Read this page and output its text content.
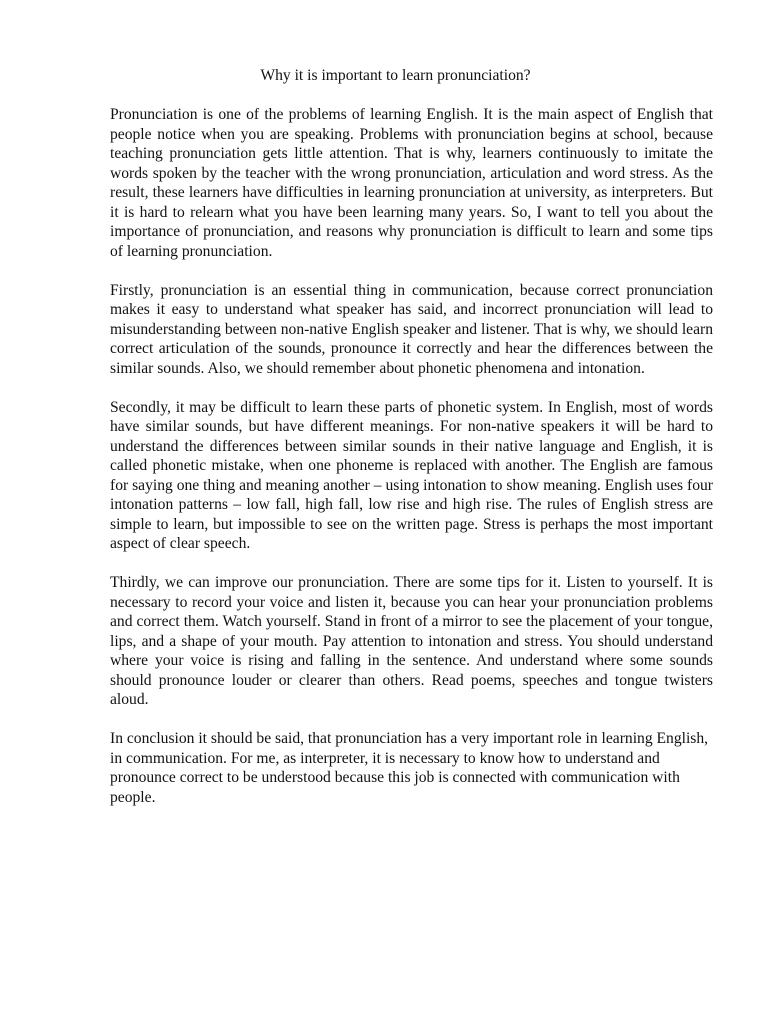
Why it is important to learn pronunciation?

Pronunciation is one of the problems of learning English. It is the main aspect of English that people notice when you are speaking. Problems with pronunciation begins at school, because teaching pronunciation gets little attention. That is why, learners continuously to imitate the words spoken by the teacher with the wrong pronunciation, articulation and word stress. As the result, these learners have difficulties in learning pronunciation at university, as interpreters. But it is hard to relearn what you have been learning many years. So, I want to tell you about the importance of pronunciation, and reasons why pronunciation is difficult to learn and some tips of learning pronunciation.

Firstly, pronunciation is an essential thing in communication, because correct pronunciation makes it easy to understand what speaker has said, and incorrect pronunciation will lead to misunderstanding between non-native English speaker and listener. That is why, we should learn correct articulation of the sounds, pronounce it correctly and hear the differences between the similar sounds. Also, we should remember about phonetic phenomena and intonation.

Secondly, it may be difficult to learn these parts of phonetic system. In English, most of words have similar sounds, but have different meanings. For non-native speakers it will be hard to understand the differences between similar sounds in their native language and English, it is called phonetic mistake, when one phoneme is replaced with another. The English are famous for saying one thing and meaning another – using intonation to show meaning. English uses four intonation patterns – low fall, high fall, low rise and high rise. The rules of English stress are simple to learn, but impossible to see on the written page. Stress is perhaps the most important aspect of clear speech.

Thirdly, we can improve our pronunciation. There are some tips for it. Listen to yourself. It is necessary to record your voice and listen it, because you can hear your pronunciation problems and correct them. Watch yourself. Stand in front of a mirror to see the placement of your tongue, lips, and a shape of your mouth. Pay attention to intonation and stress. You should understand where your voice is rising and falling in the sentence. And understand where some sounds should pronounce louder or clearer than others. Read poems, speeches and tongue twisters aloud.

In conclusion it should be said, that pronunciation has a very important role in learning English, in communication. For me, as interpreter, it is necessary to know how to understand and pronounce correct to be understood because this job is connected with communication with people.
